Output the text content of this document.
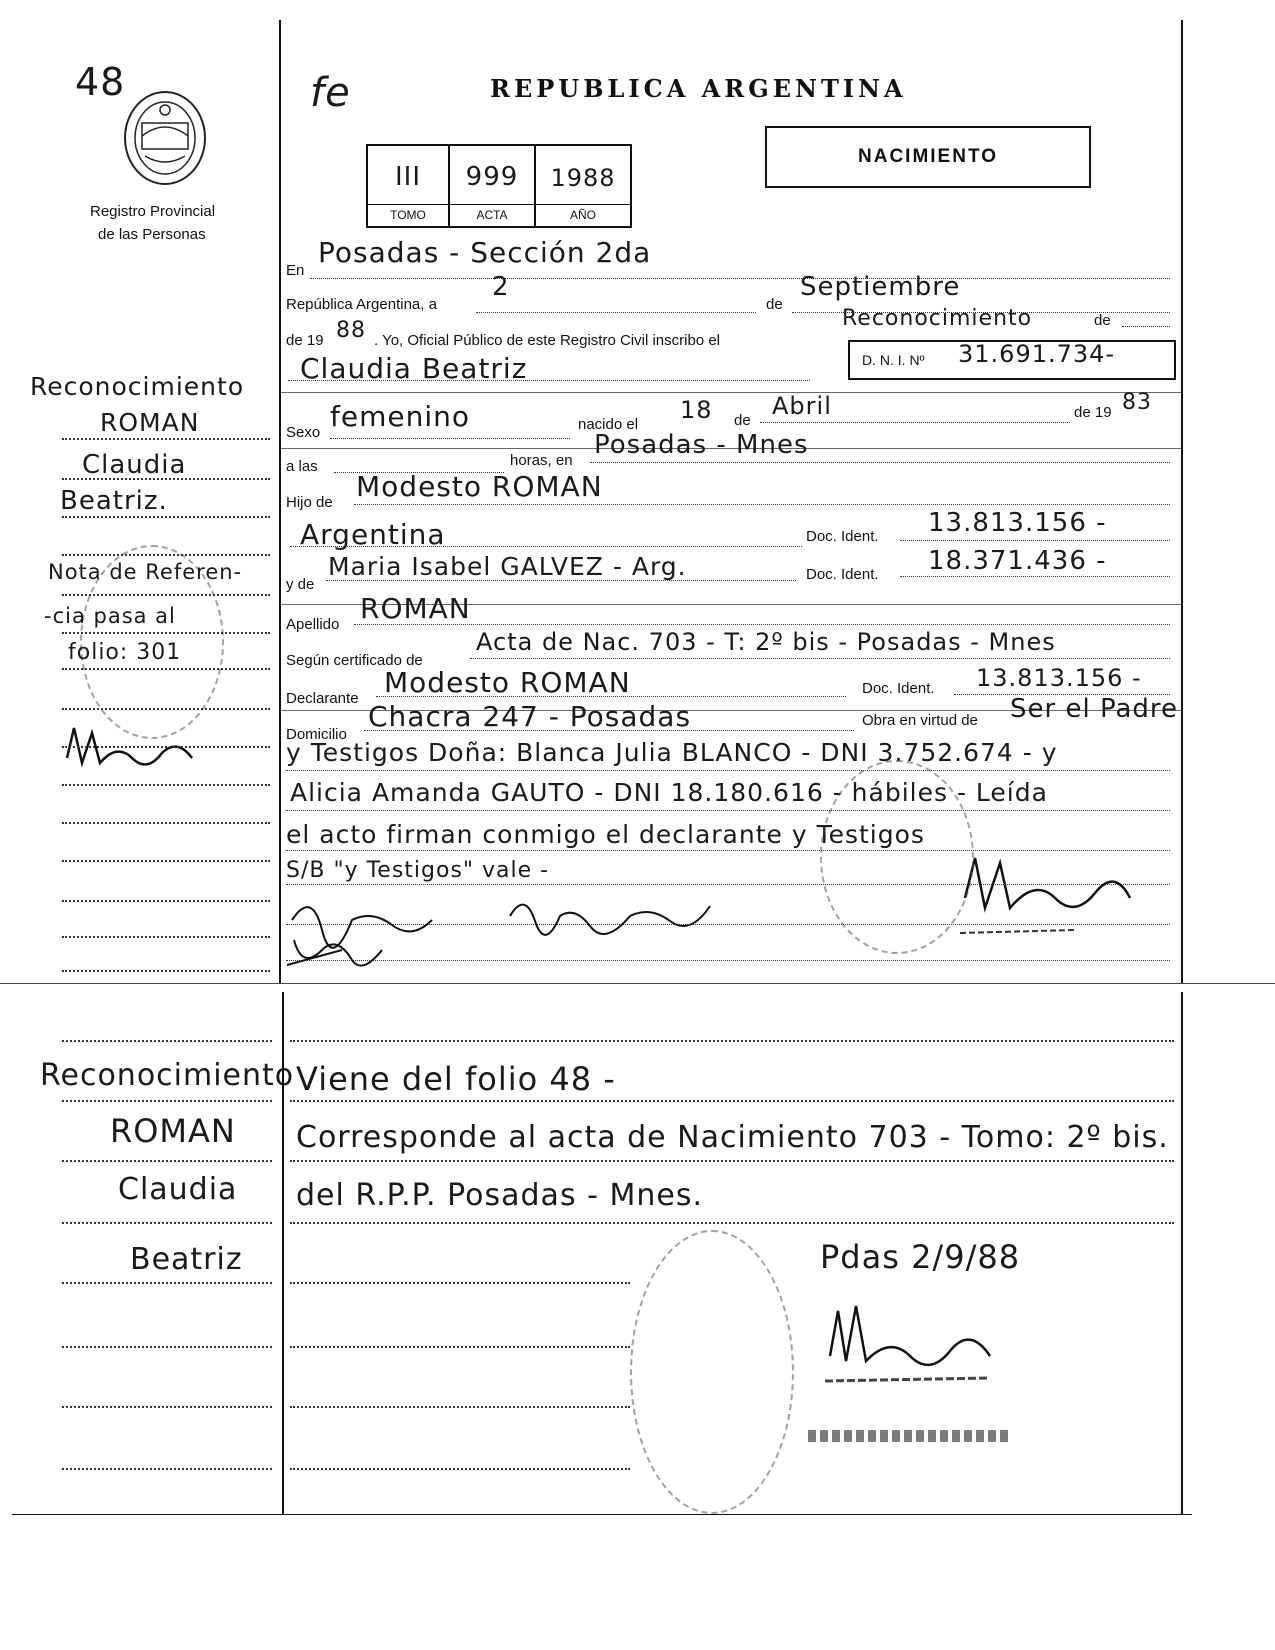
48
Registro Provincial
de las Personas
fe	REPUBLICA ARGENTINA
NACIMIENTO
III	999	1988
TOMO	ACTA	AÑO
En
Posadas - Sección 2da
República Argentina, a	de
2	Septiembre
de 19 88 . Yo, Oficial Público de este Registro Civil inscribo el
Reconocimiento	de
Claudia Beatriz	D. N. I. Nº 31.691.734-
Sexo femenino	nacido el
18 de
Abril	de 19 83
a las	horas, en
Posadas - Mnes
Hijo de Modesto ROMAN
Argentina	Doc. Ident. 13.813.156 -
y de
Maria Isabel GALVEZ - Arg.	Doc. Ident. 18.371.436 -
Apellido ROMAN
Según certificado de
Acta de Nac. 703 - T: 2º bis - Posadas - Mnes
Declarante Modesto ROMAN	Doc. Ident. 13.813.156 -
Domicilio
Chacra 247 - Posadas	Obra en virtud de Ser el Padre
y Testigos Doña: Blanca Julia BLANCO - DNI 3.752.674 - y
Alicia Amanda GAUTO - DNI 18.180.616 - hábiles - Leída
el acto firman conmigo el declarante y Testigos
S/B "y Testigos" vale -
Reconocimiento
ROMAN
Claudia
Beatriz.
Nota de Referen-
-cia pasa al
folio: 301
Reconocimiento
ROMAN
Claudia
Beatriz
Viene del folio 48 -
Corresponde al acta de Nacimiento 703 - Tomo: 2º bis.
del R.P.P. Posadas - Mnes.
Pdas 2/9/88
